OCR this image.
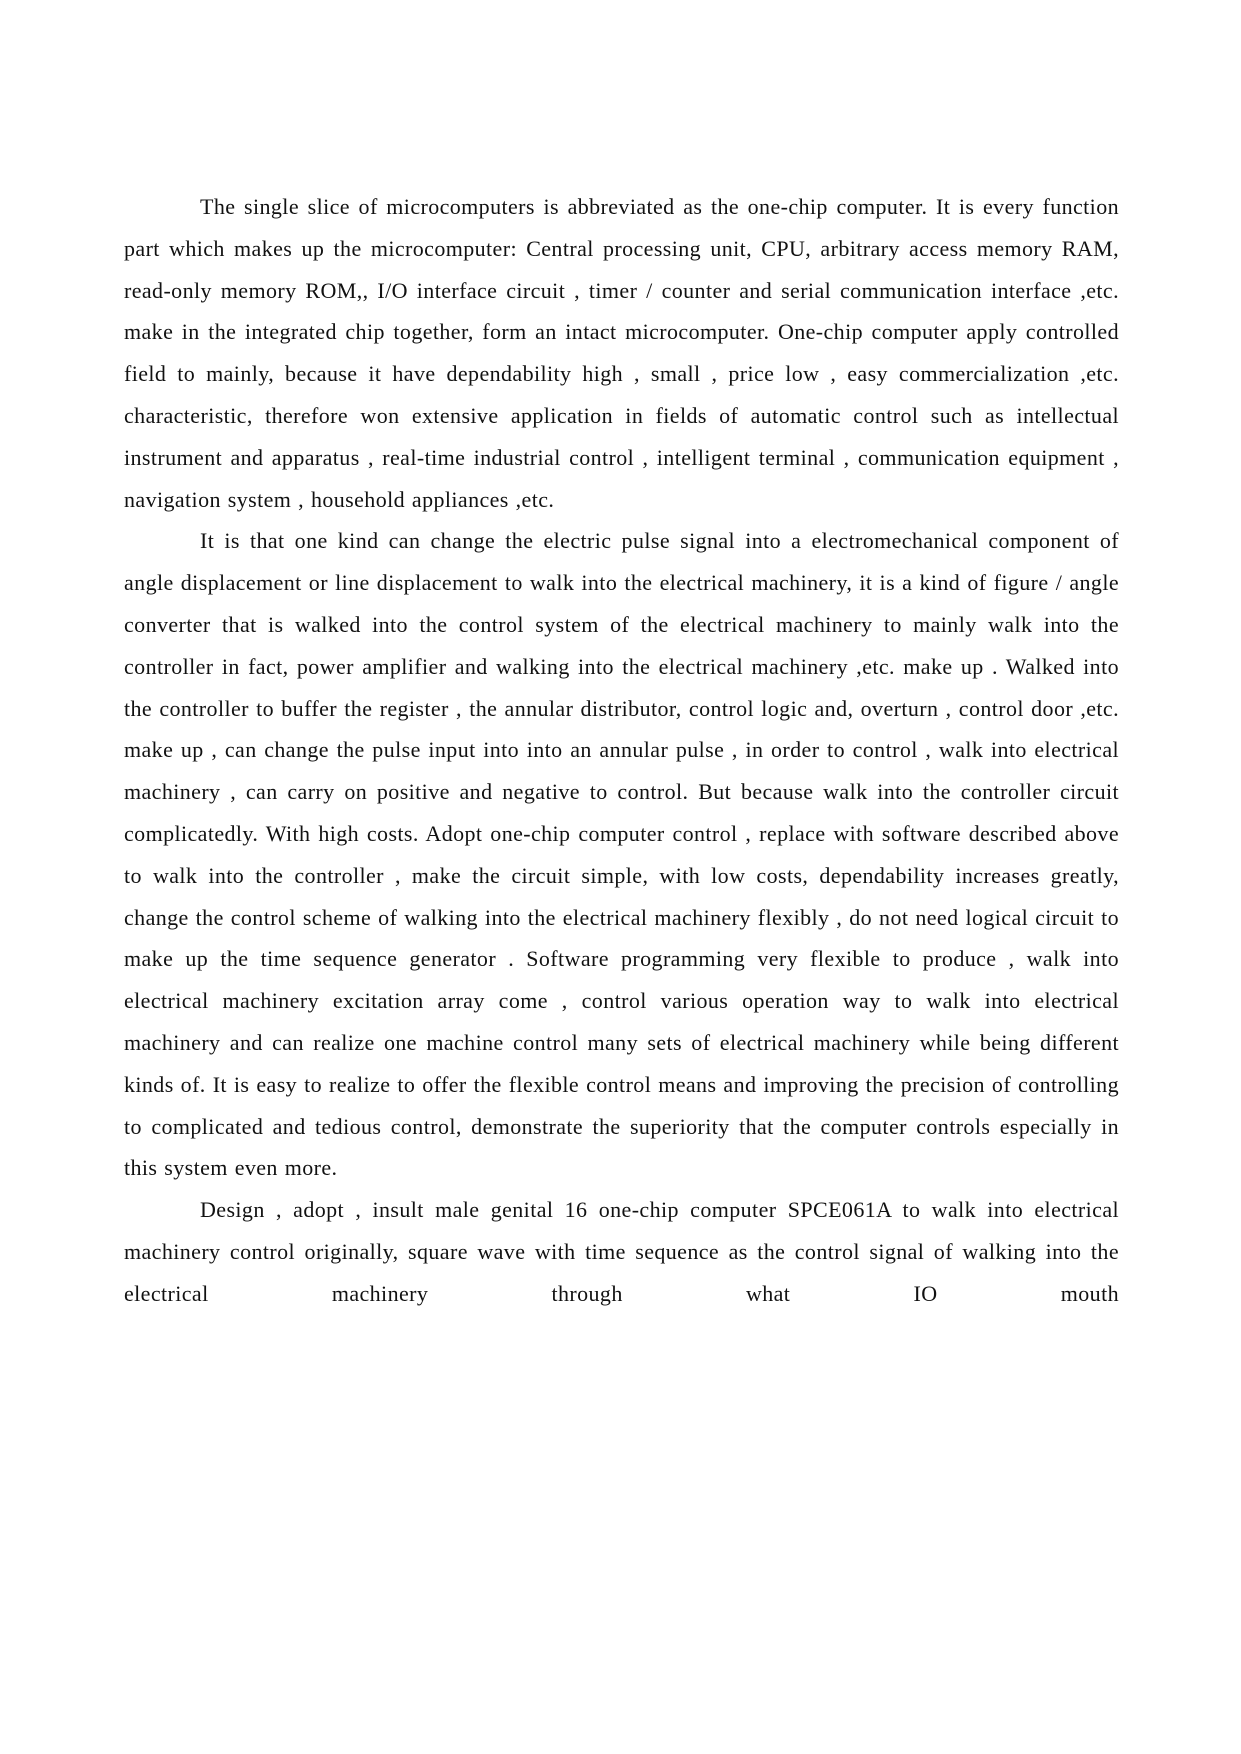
The single slice of microcomputers is abbreviated as the one-chip computer. It is every function part which makes up the microcomputer: Central processing unit, CPU, arbitrary access memory RAM, read-only memory ROM,, I/O interface circuit , timer / counter and serial communication interface ,etc. make in the integrated chip together, form an intact microcomputer. One-chip computer apply controlled field to mainly, because it have dependability high , small , price low , easy commercialization ,etc. characteristic, therefore won extensive application in fields of automatic control such as intellectual instrument and apparatus , real-time industrial control , intelligent terminal , communication equipment , navigation system , household appliances ,etc.

It is that one kind can change the electric pulse signal into a electromechanical component of angle displacement or line displacement to walk into the electrical machinery, it is a kind of figure / angle converter that is walked into the control system of the electrical machinery to mainly walk into the controller in fact, power amplifier and walking into the electrical machinery ,etc. make up . Walked into the controller to buffer the register , the annular distributor, control logic and, overturn , control door ,etc. make up , can change the pulse input into into an annular pulse , in order to control , walk into electrical machinery , can carry on positive and negative to control. But because walk into the controller circuit complicatedly. With high costs. Adopt one-chip computer control , replace with software described above to walk into the controller , make the circuit simple, with low costs, dependability increases greatly, change the control scheme of walking into the electrical machinery flexibly , do not need logical circuit to make up the time sequence generator . Software programming very flexible to produce , walk into electrical machinery excitation array come , control various operation way to walk into electrical machinery and can realize one machine control many sets of electrical machinery while being different kinds of. It is easy to realize to offer the flexible control means and improving the precision of controlling to complicated and tedious control, demonstrate the superiority that the computer controls especially in this system even more.

Design , adopt , insult male genital 16 one-chip computer SPCE061A to walk into electrical machinery control originally, square wave with time sequence as the control signal of walking into the electrical machinery through what IO mouth
